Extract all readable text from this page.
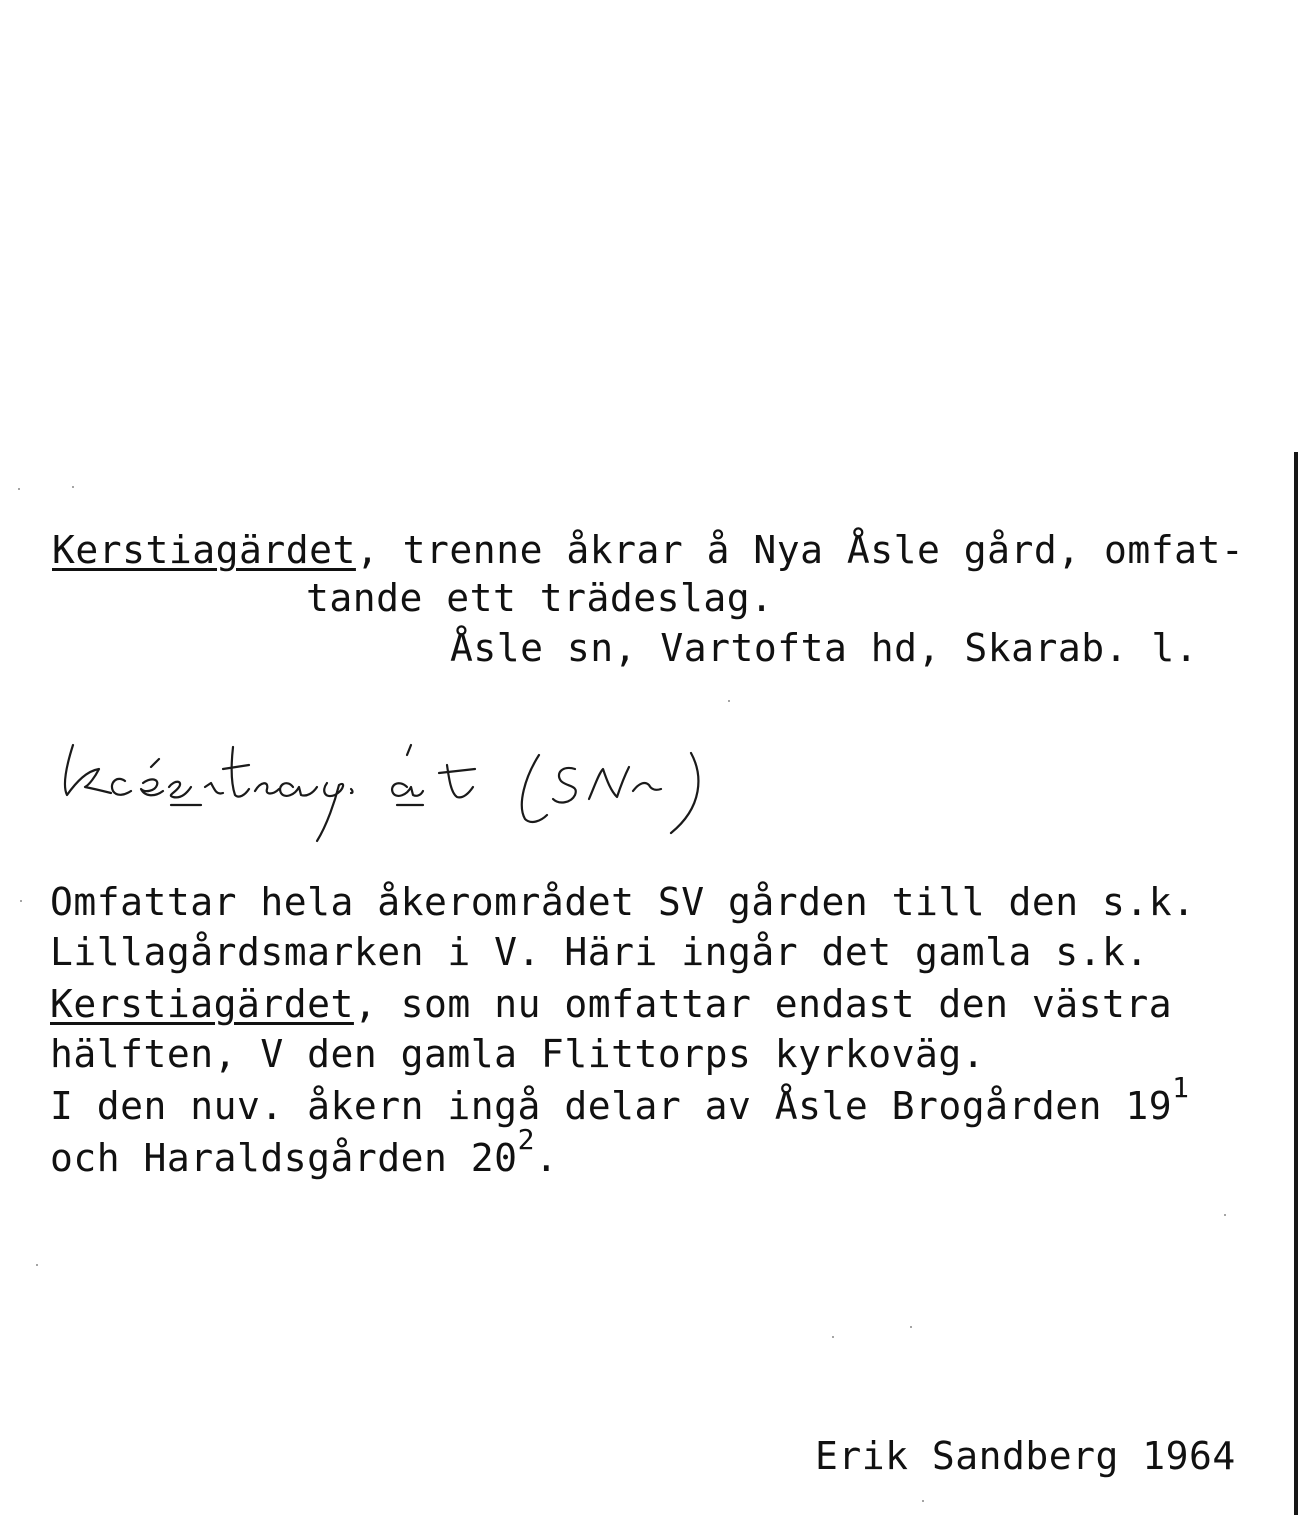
Kerstiagärdet, trenne åkrar å Nya Åsle gård, omfat-
tande ett trädeslag.
Åsle sn, Vartofta hd, Skarab. l.
Omfattar hela åkerområdet SV gården till den s.k.
Lillagårdsmarken i V. Häri ingår det gamla s.k.
Kerstiagärdet, som nu omfattar endast den västra
hälften, V den gamla Flittorps kyrkoväg.
I den nuv. åkern ingå delar av Åsle Brogården $19^1$
och Haraldsgården $20^2$.
Erik Sandberg 1964
